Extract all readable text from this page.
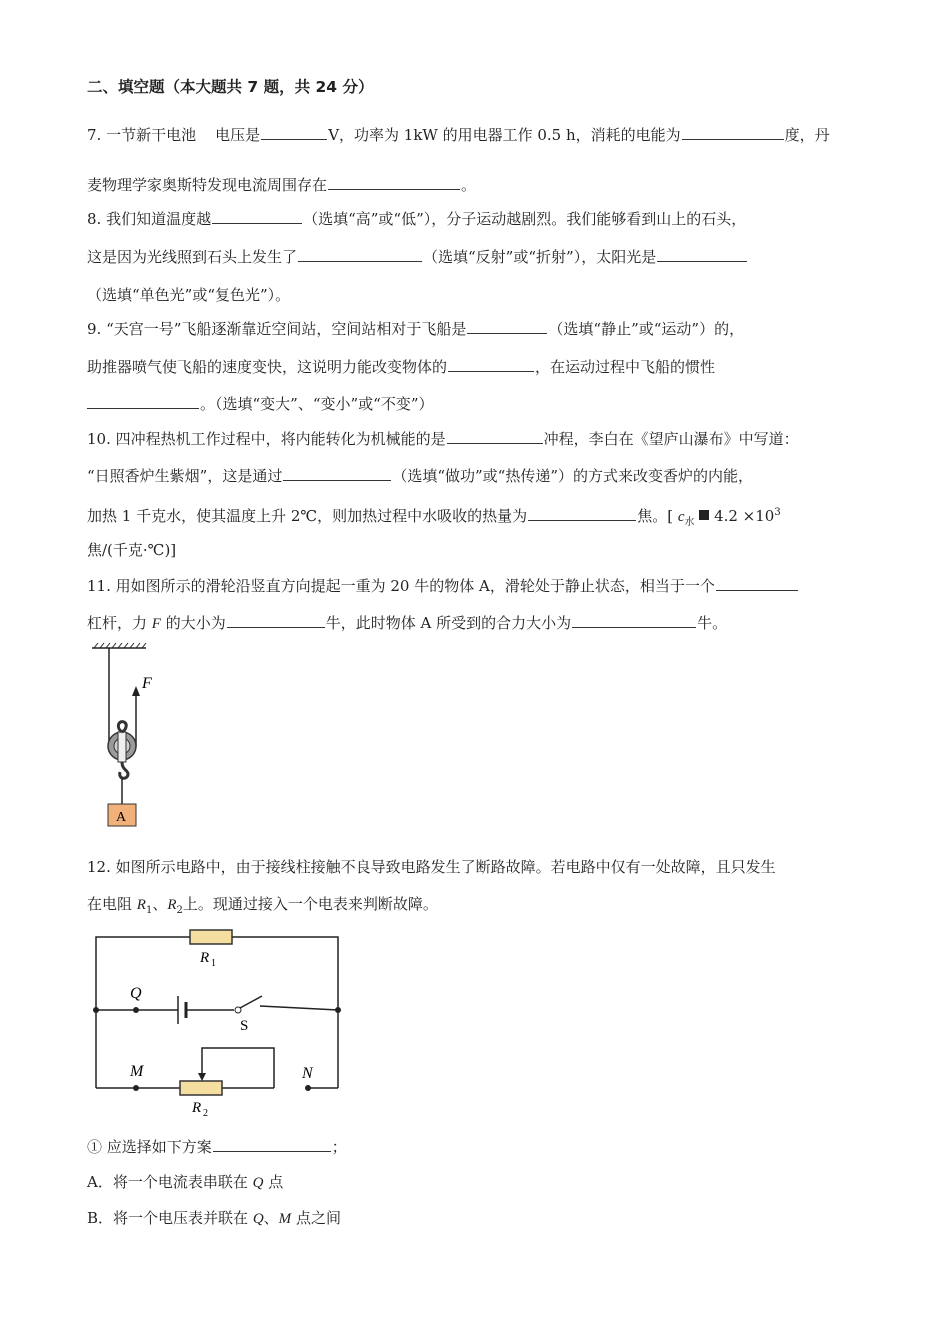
二、填空题（本大题共 7 题，共 24 分）
7. 一节新干电池 电压是	V，功率为 1kW 的用电器工作 0.5 h，消耗的电能为	度，丹
麦物理学家奥斯特发现电流周围存在	。
8. 我们知道温度越	（选填“高”或“低”），分子运动越剧烈。我们能够看到山上的石头，
这是因为光线照到石头上发生了	（选填“反射”或“折射”），太阳光是
（选填“单色光”或“复色光”）。
9. “天宫一号”飞船逐渐靠近空间站，空间站相对于飞船是	（选填“静止”或“运动”）的，
助推器喷气使飞船的速度变快，这说明力能改变物体的	，在运动过程中飞船的惯性
。（选填“变大”、“变小”或“不变”）
10. 四冲程热机工作过程中，将内能转化为机械能的是	冲程，李白在《望庐山瀑布》中写道：
“日照香炉生紫烟”，这是通过	（选填“做功”或“热传递”）的方式来改变香炉的内能，
加热 1 千克水，使其温度上升 2℃，则加热过程中水吸收的热量为	焦。[ $c_水$ $4.2 \times 10^3$
焦/(千克·℃)]
11. 用如图所示的滑轮沿竖直方向提起一重为 20 牛的物体 A，滑轮处于静止状态，相当于一个
杠杆，力 F 的大小为	牛，此时物体 A 所受到的合力大小为	牛。
F
A
12. 如图所示电路中，由于接线柱接触不良导致电路发生了断路故障。若电路中仅有一处故障，且只发生
在电阻 $R_1$、$R_2$上。现通过接入一个电表来判断故障。
R 1
Q
S
R 2
M	N
① 应选择如下方案	；
A．将一个电流表串联在 Q 点
B．将一个电压表并联在 Q、M 点之间
